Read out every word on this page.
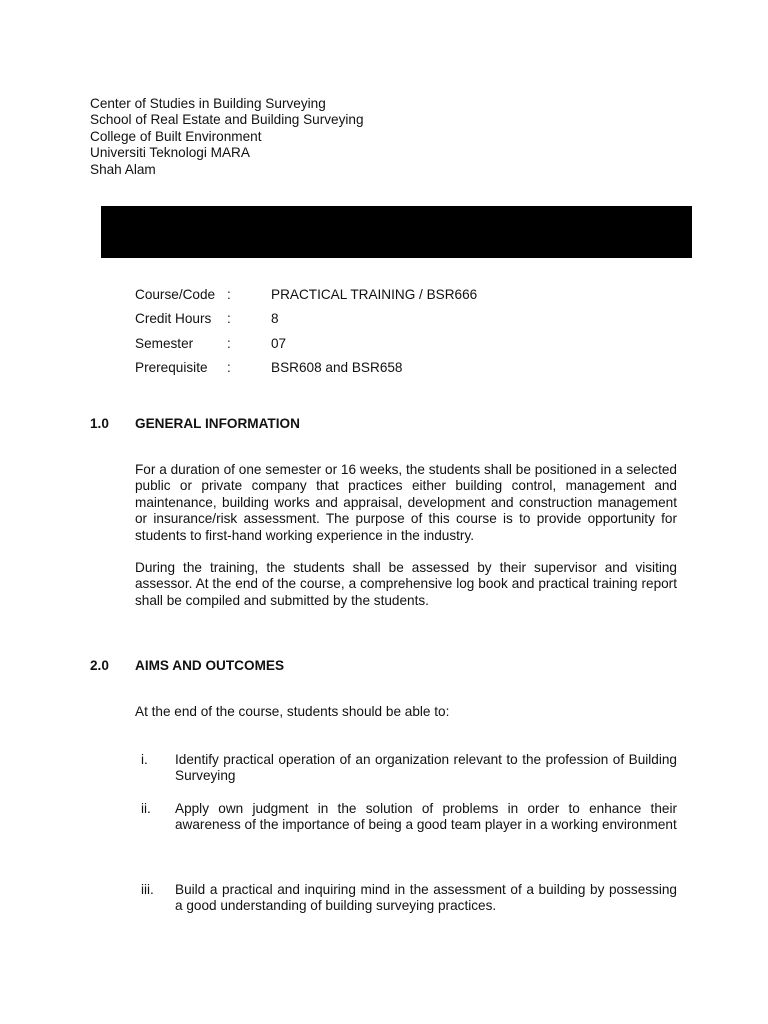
Center of Studies in Building Surveying
School of Real Estate and Building Surveying
College of Built Environment
Universiti Teknologi MARA
Shah Alam
Course/Code :	PRACTICAL TRAINING / BSR666
Credit Hours :	8
Semester :	07
Prerequisite :	BSR608 and BSR658
1.0 GENERAL INFORMATION
For a duration of one semester or 16 weeks, the students shall be positioned in a selected public or private company that practices either building control, management and maintenance, building works and appraisal, development and construction management or insurance/risk assessment. The purpose of this course is to provide opportunity for students to first-hand working experience in the industry.
During the training, the students shall be assessed by their supervisor and visiting assessor. At the end of the course, a comprehensive log book and practical training report shall be compiled and submitted by the students.
2.0 AIMS AND OUTCOMES
At the end of the course, students should be able to:
i. Identify practical operation of an organization relevant to the profession of Building Surveying
ii. Apply own judgment in the solution of problems in order to enhance their awareness of the importance of being a good team player in a working environment
iii. Build a practical and inquiring mind in the assessment of a building by possessing a good understanding of building surveying practices.
